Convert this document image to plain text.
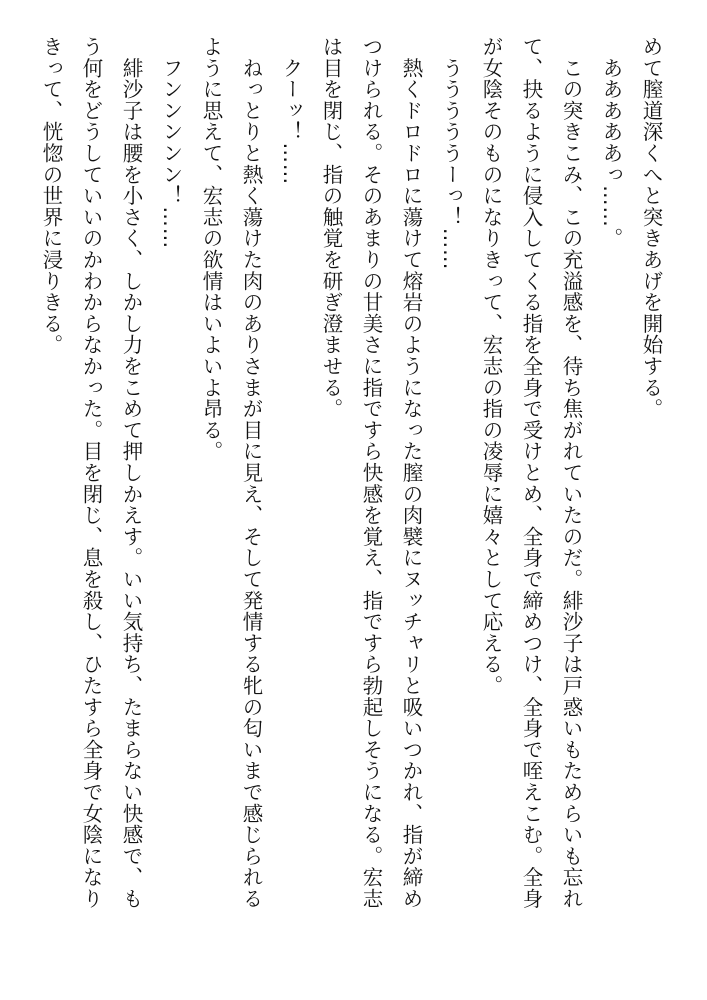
めて膣道深くへと突きあげを開始する。

　あああああっ……。

　この突きこみ、この充溢感を、待ち焦がれていたのだ。緋沙子は戸惑いもためらいも忘れ

て、抉るように侵入してくる指を全身で受けとめ、全身で締めつけ、全身で咥えこむ。全身

が女陰そのものになりきって、宏志の指の凌辱に嬉々として応える。

　うううううーっ！……

　熱くドロドロに蕩けて熔岩のようになった膣の肉襞にヌッチャリと吸いつかれ、指が締め

つけられる。そのあまりの甘美さに指ですら快感を覚え、指ですら勃起しそうになる。宏志

は目を閉じ、指の触覚を研ぎ澄ませる。

　クーッ！……

　ねっとりと熱く蕩けた肉のありさまが目に見え、そして発情する牝の匂いまで感じられる

ように思えて、宏志の欲情はいよいよ昂る。

　フンンンンン！……

　緋沙子は腰を小さく、しかし力をこめて押しかえす。いい気持ち、たまらない快感で、も

う何をどうしていいのかわからなかった。目を閉じ、息を殺し、ひたすら全身で女陰になり

きって、恍惚の世界に浸りきる。
